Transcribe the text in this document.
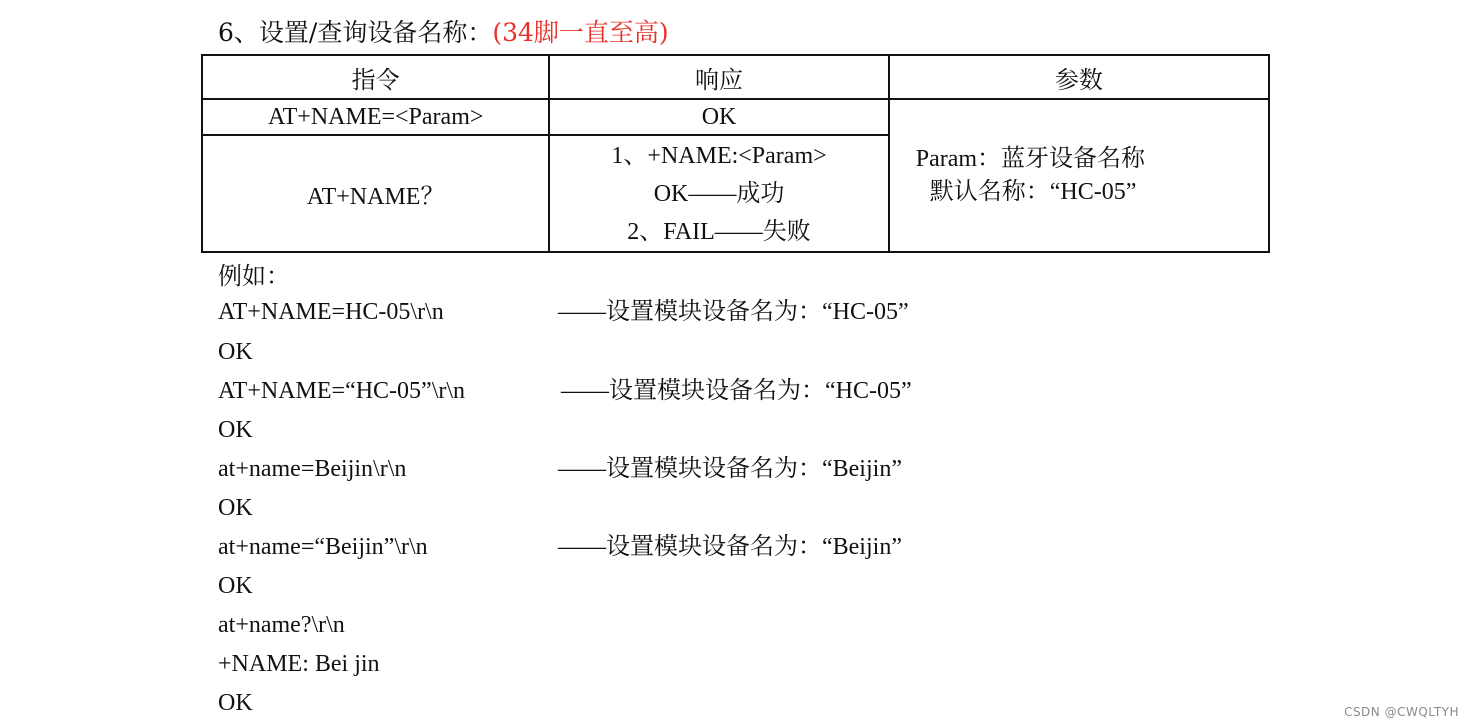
6、设置/查询设备名称：(34脚一直至高)
指令	响应	参数
AT+NAME=<Param>	OK	Param：蓝牙设备名称
默认名称：“HC-05”

AT+NAME？	1、+NAME:<Param>
OK——成功
2、FAIL——失败	
例如：
AT+NAME=HC-05\r\n	——设置模块设备名为：“HC-05”
OK
AT+NAME=“HC-05”\r\n	——设置模块设备名为：“HC-05”
OK
at+name=Beijin\r\n	——设置模块设备名为：“Beijin”
OK
at+name=“Beijin”\r\n	——设置模块设备名为：“Beijin”
OK
at+name?\r\n
+NAME: Bei jin
OK	CSDN @CWQLTYH
